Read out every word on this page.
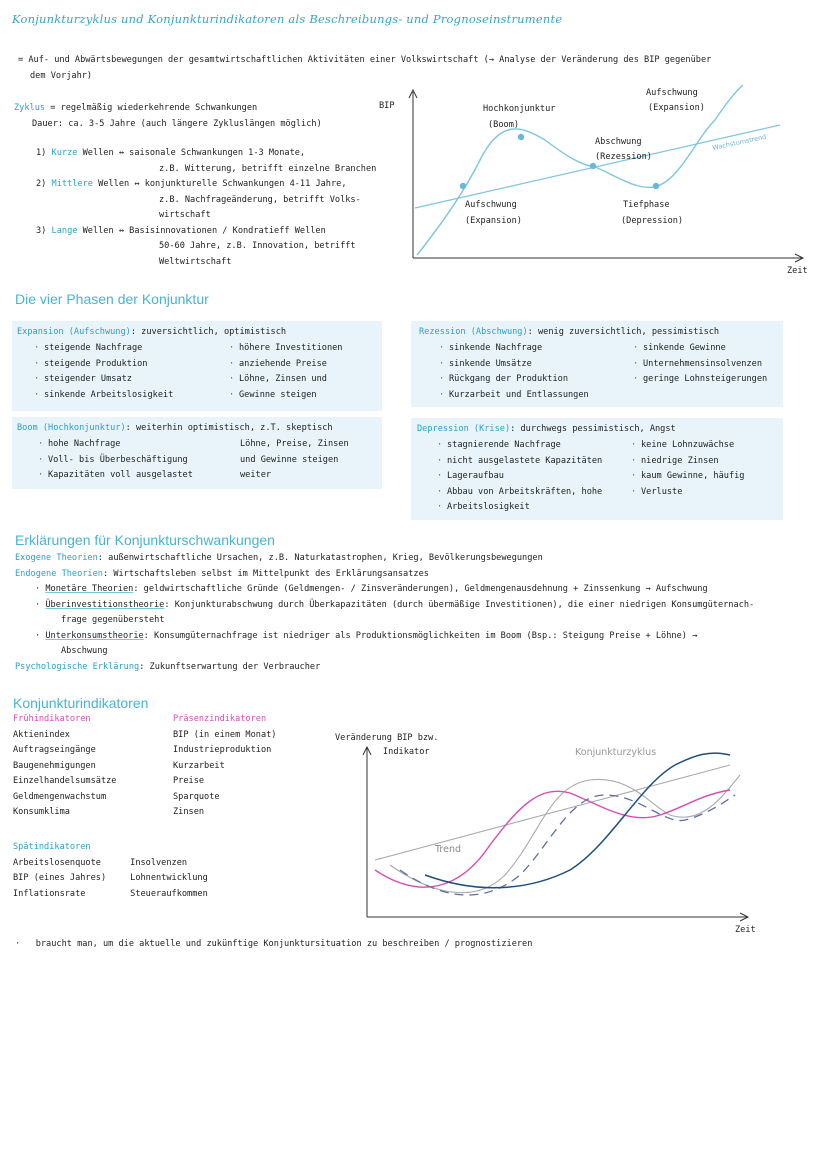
Konjunkturzyklus und Konjunkturindikatoren als Beschreibungs- und Prognoseinstrumente
= Auf- und Abwärtsbewegungen der gesamtwirtschaftlichen Aktivitäten einer Volkswirtschaft (→ Analyse der Veränderung des BIP gegenüber
dem Vorjahr)
Zyklus = regelmäßig wiederkehrende Schwankungen
Dauer: ca. 3-5 Jahre (auch längere Zykluslängen möglich)
1) Kurze Wellen ↔ saisonale Schwankungen 1-3 Monate,
z.B. Witterung, betrifft einzelne Branchen
2) Mittlere Wellen ↔ konjunkturelle Schwankungen 4-11 Jahre,
z.B. Nachfrageänderung, betrifft Volks-
wirtschaft
3) Lange Wellen ↔ Basisinnovationen / Kondratieff Wellen
50-60 Jahre, z.B. Innovation, betrifft
Weltwirtschaft
BIP
Zeit
Hochkonjunktur
(Boom)
Aufschwung
(Expansion)
Abschwung
(Rezession)
Aufschwung
(Expansion)
Tiefphase
(Depression)
Wachstumstrend
Die vier Phasen der Konjunktur
Expansion (Aufschwung): zuversichtlich, optimistisch
· steigende Nachfrage
· steigende Produktion
· steigender Umsatz
· sinkende Arbeitslosigkeit
· höhere Investitionen
· anziehende Preise
· Löhne, Zinsen und
· Gewinne steigen
Rezession (Abschwung): wenig zuversichtlich, pessimistisch
· sinkende Nachfrage
· sinkende Umsätze
· Rückgang der Produktion
· Kurzarbeit und Entlassungen
· sinkende Gewinne
· Unternehmensinsolvenzen
· geringe Lohnsteigerungen
Boom (Hochkonjunktur): weiterhin optimistisch, z.T. skeptisch
· hohe Nachfrage
· Voll- bis Überbeschäftigung
· Kapazitäten voll ausgelastet
Löhne, Preise, Zinsen
und Gewinne steigen
weiter
Depression (Krise): durchwegs pessimistisch, Angst
· stagnierende Nachfrage
· nicht ausgelastete Kapazitäten
· Lageraufbau
· Abbau von Arbeitskräften, hohe
· Arbeitslosigkeit
· keine Lohnzuwächse
· niedrige Zinsen
· kaum Gewinne, häufig
· Verluste
Erklärungen für Konjunkturschwankungen
Exogene Theorien: außenwirtschaftliche Ursachen, z.B. Naturkatastrophen, Krieg, Bevölkerungsbewegungen
Endogene Theorien: Wirtschaftsleben selbst im Mittelpunkt des Erklärungsansatzes
· Monetäre Theorien: geldwirtschaftliche Gründe (Geldmengen- / Zinsveränderungen), Geldmengenausdehnung + Zinssenkung → Aufschwung
· Überinvestitionstheorie: Konjunkturabschwung durch Überkapazitäten (durch übermäßige Investitionen), die einer niedrigen Konsumgüternach-
frage gegenübersteht
· Unterkonsumstheorie: Konsumgüternachfrage ist niedriger als Produktionsmöglichkeiten im Boom (Bsp.: Steigung Preise + Löhne) →
Abschwung
Psychologische Erklärung: Zukunftserwartung der Verbraucher
Konjunkturindikatoren
Frühindikatoren
Aktienindex
Auftragseingänge
Baugenehmigungen
Einzelhandelsumsätze
Geldmengenwachstum
Konsumklima
Präsenzindikatoren
BIP (in einem Monat)
Industrieproduktion
Kurzarbeit
Preise
Sparquote
Zinsen
Spätindikatoren
Arbeitslosenquote
BIP (eines Jahres)
Inflationsrate
Insolvenzen
Lohnentwicklung
Steueraufkommen
Veränderung BIP bzw.
Indikator	Konjunkturzyklus
Trend
Zeit
·   braucht man, um die aktuelle und zukünftige Konjunktursituation zu beschreiben / prognostizieren
